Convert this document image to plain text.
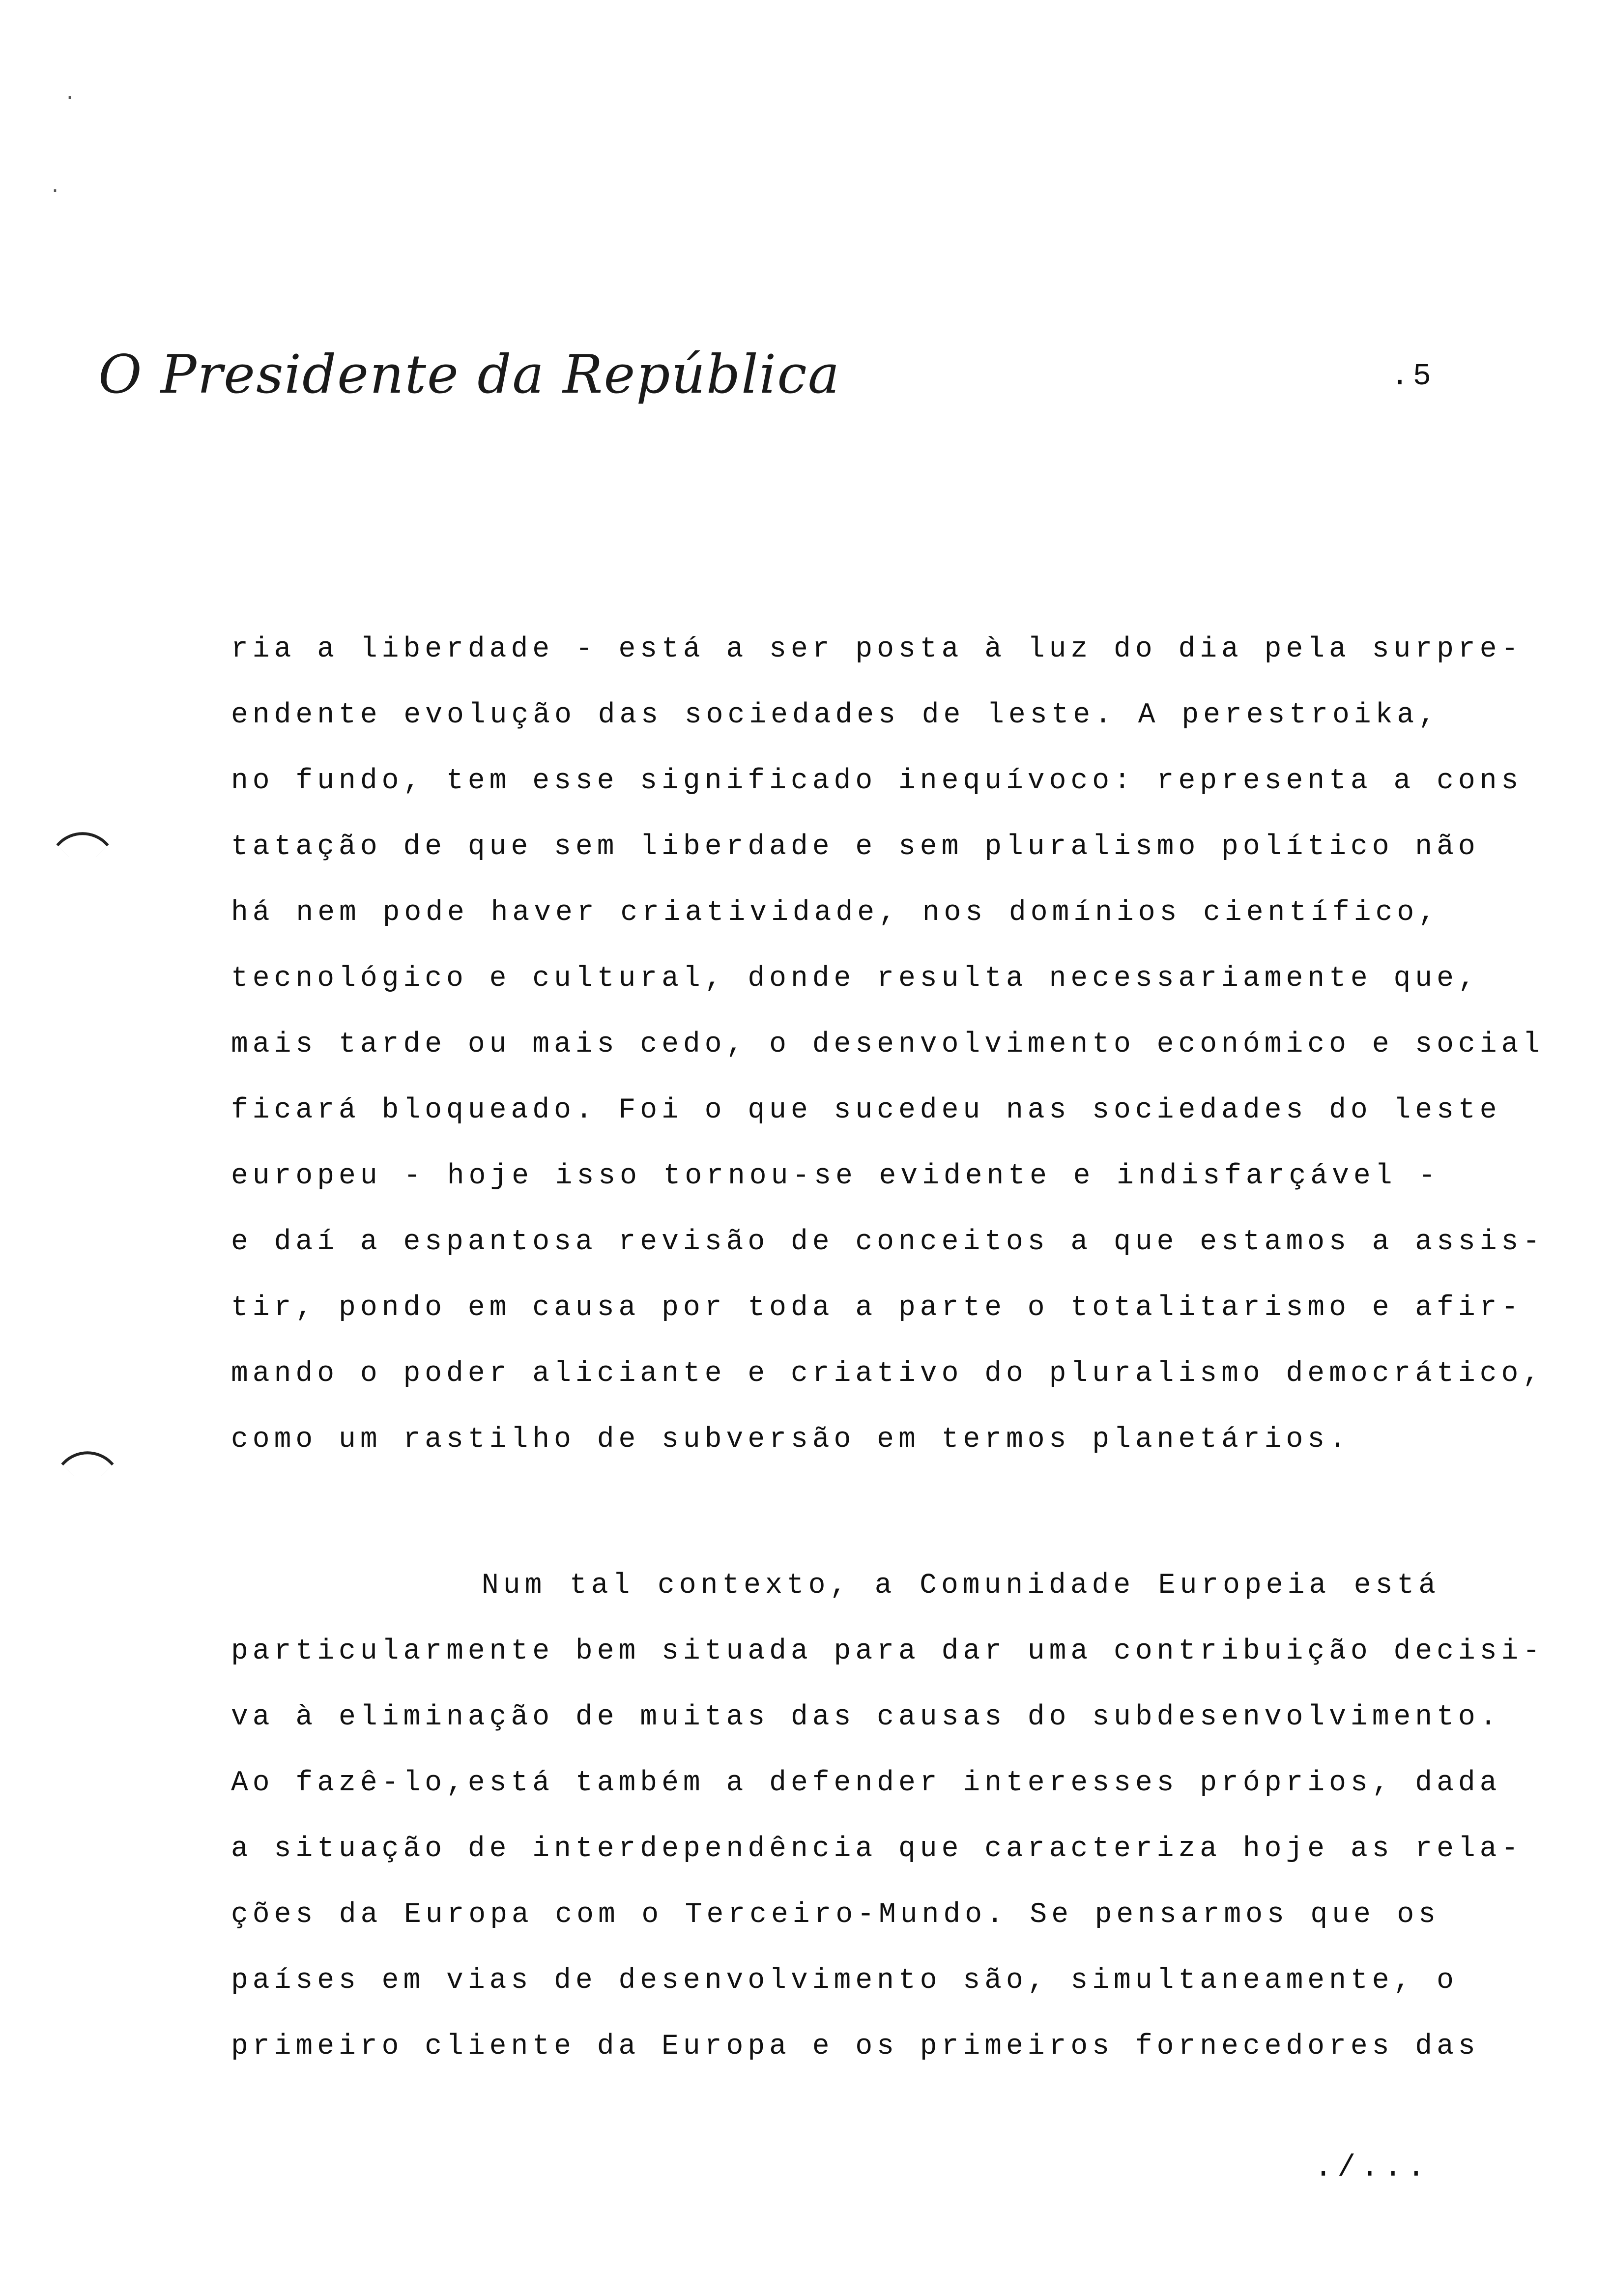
·
·
O Presidente da República	.5
ria a liberdade - está a ser posta à luz do dia pela surpre-
endente evolução das sociedades de leste. A perestroika,
no fundo, tem esse significado inequívoco: representa a cons
tatação de que sem liberdade e sem pluralismo político não
há nem pode haver criatividade, nos domínios científico,
tecnológico e cultural, donde resulta necessariamente que,
mais tarde ou mais cedo, o desenvolvimento económico e social
ficará bloqueado. Foi o que sucedeu nas sociedades do leste
europeu - hoje isso tornou-se evidente e indisfarçável -
e daí a espantosa revisão de conceitos a que estamos a assis-
tir, pondo em causa por toda a parte o totalitarismo e afir-
mando o poder aliciante e criativo do pluralismo democrático,
como um rastilho de subversão em termos planetários.
Num tal contexto, a Comunidade Europeia está
particularmente bem situada para dar uma contribuição decisi-
va à eliminação de muitas das causas do subdesenvolvimento.
Ao fazê-lo,está também a defender interesses próprios, dada
a situação de interdependência que caracteriza hoje as rela-
ções da Europa com o Terceiro-Mundo. Se pensarmos que os
países em vias de desenvolvimento são, simultaneamente, o
primeiro cliente da Europa e os primeiros fornecedores das
./...
